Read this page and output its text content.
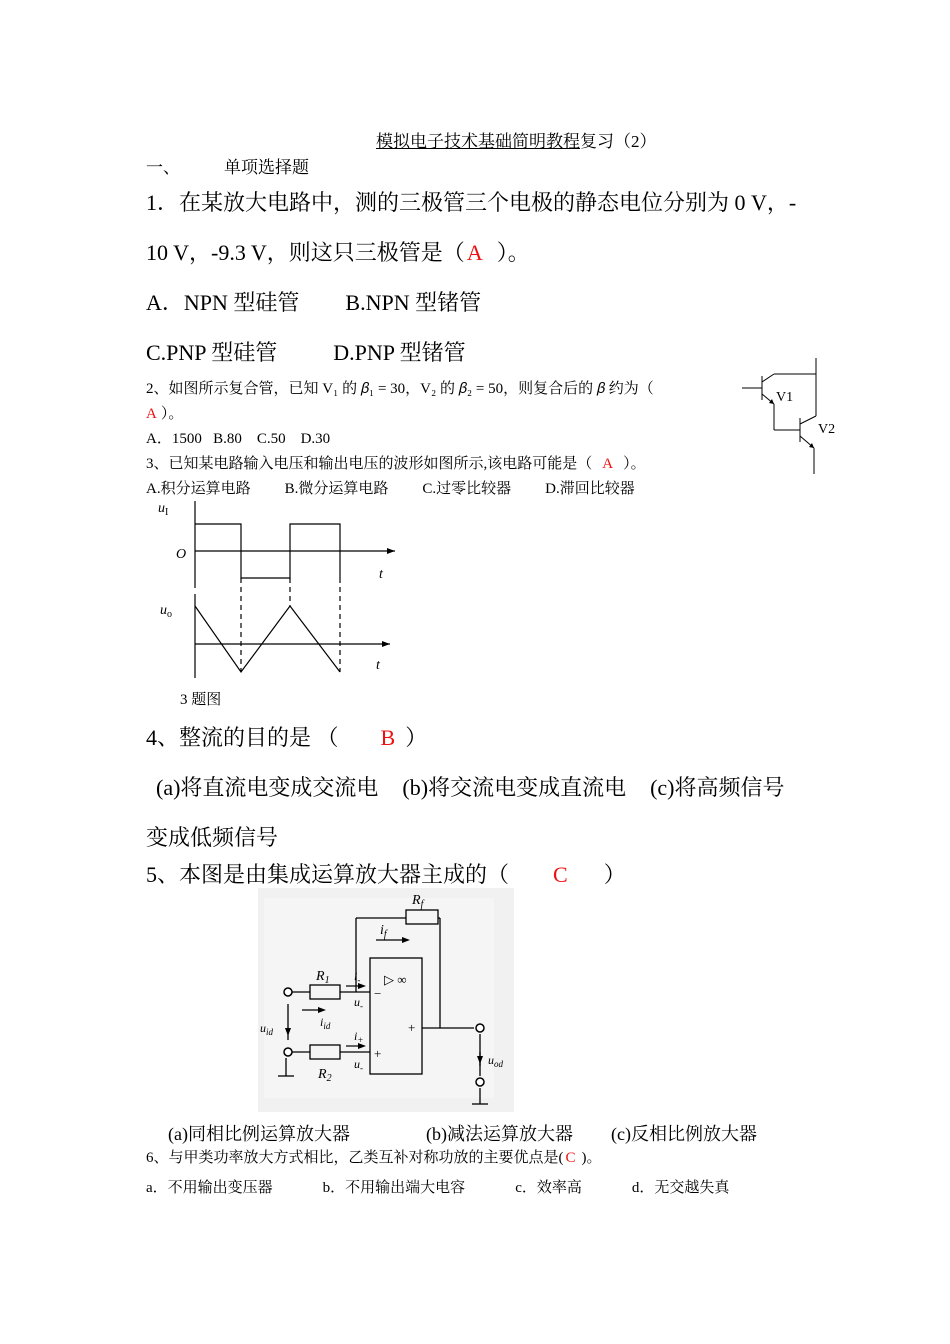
模拟电子技术基础简明教程复习（2）
一、	单项选择题
1．在某放大电路中，测的三极管三个电极的静态电位分别为 0 V，-
10 V，-9.3 V，则这只三极管是（A ）。
A．NPN 型硅管 B.NPN 型锗管
C.PNP 型硅管	D.PNP 型锗管
2、如图所示复合管，已知 V₁ 的 𝛽₁ = 30，V₂ 的 𝛽₂ = 50，则复合后的 𝛽 约为（
A ）。
A．1500   B.80    C.50    D.30
V1
V2
3、已知某电路输入电压和输出电压的波形如图所示,该电路可能是（ A ）。
A.积分运算电路 B.微分运算电路 C.过零比较器 D.滞回比较器
$u_I$
O
t
$u_o$
t
3 题图
4、整流的目的是 （ B ）
(a)将直流电变成交流电 (b)将交流电变成直流电 (c)将高频信号
变成低频信号
5、本图是由集成运算放大器主成的（ C ）
$R_f$
$i_f$
$R_1$ $i_-$
$u_-$
$i_{id}$
$i_+$
$u_{id}$
$R_2$
$u_-$
$u_{od}$
▷ ∞
−
+
+
(a)同相比例运算放大器	(b)减法运算放大器 (c)反相比例放大器
6、与甲类功率放大方式相比，乙类互补对称功放的主要优点是( C )。
a．不用输出变压器	b．不用输出端大电容	c．效率高	d．无交越失真
